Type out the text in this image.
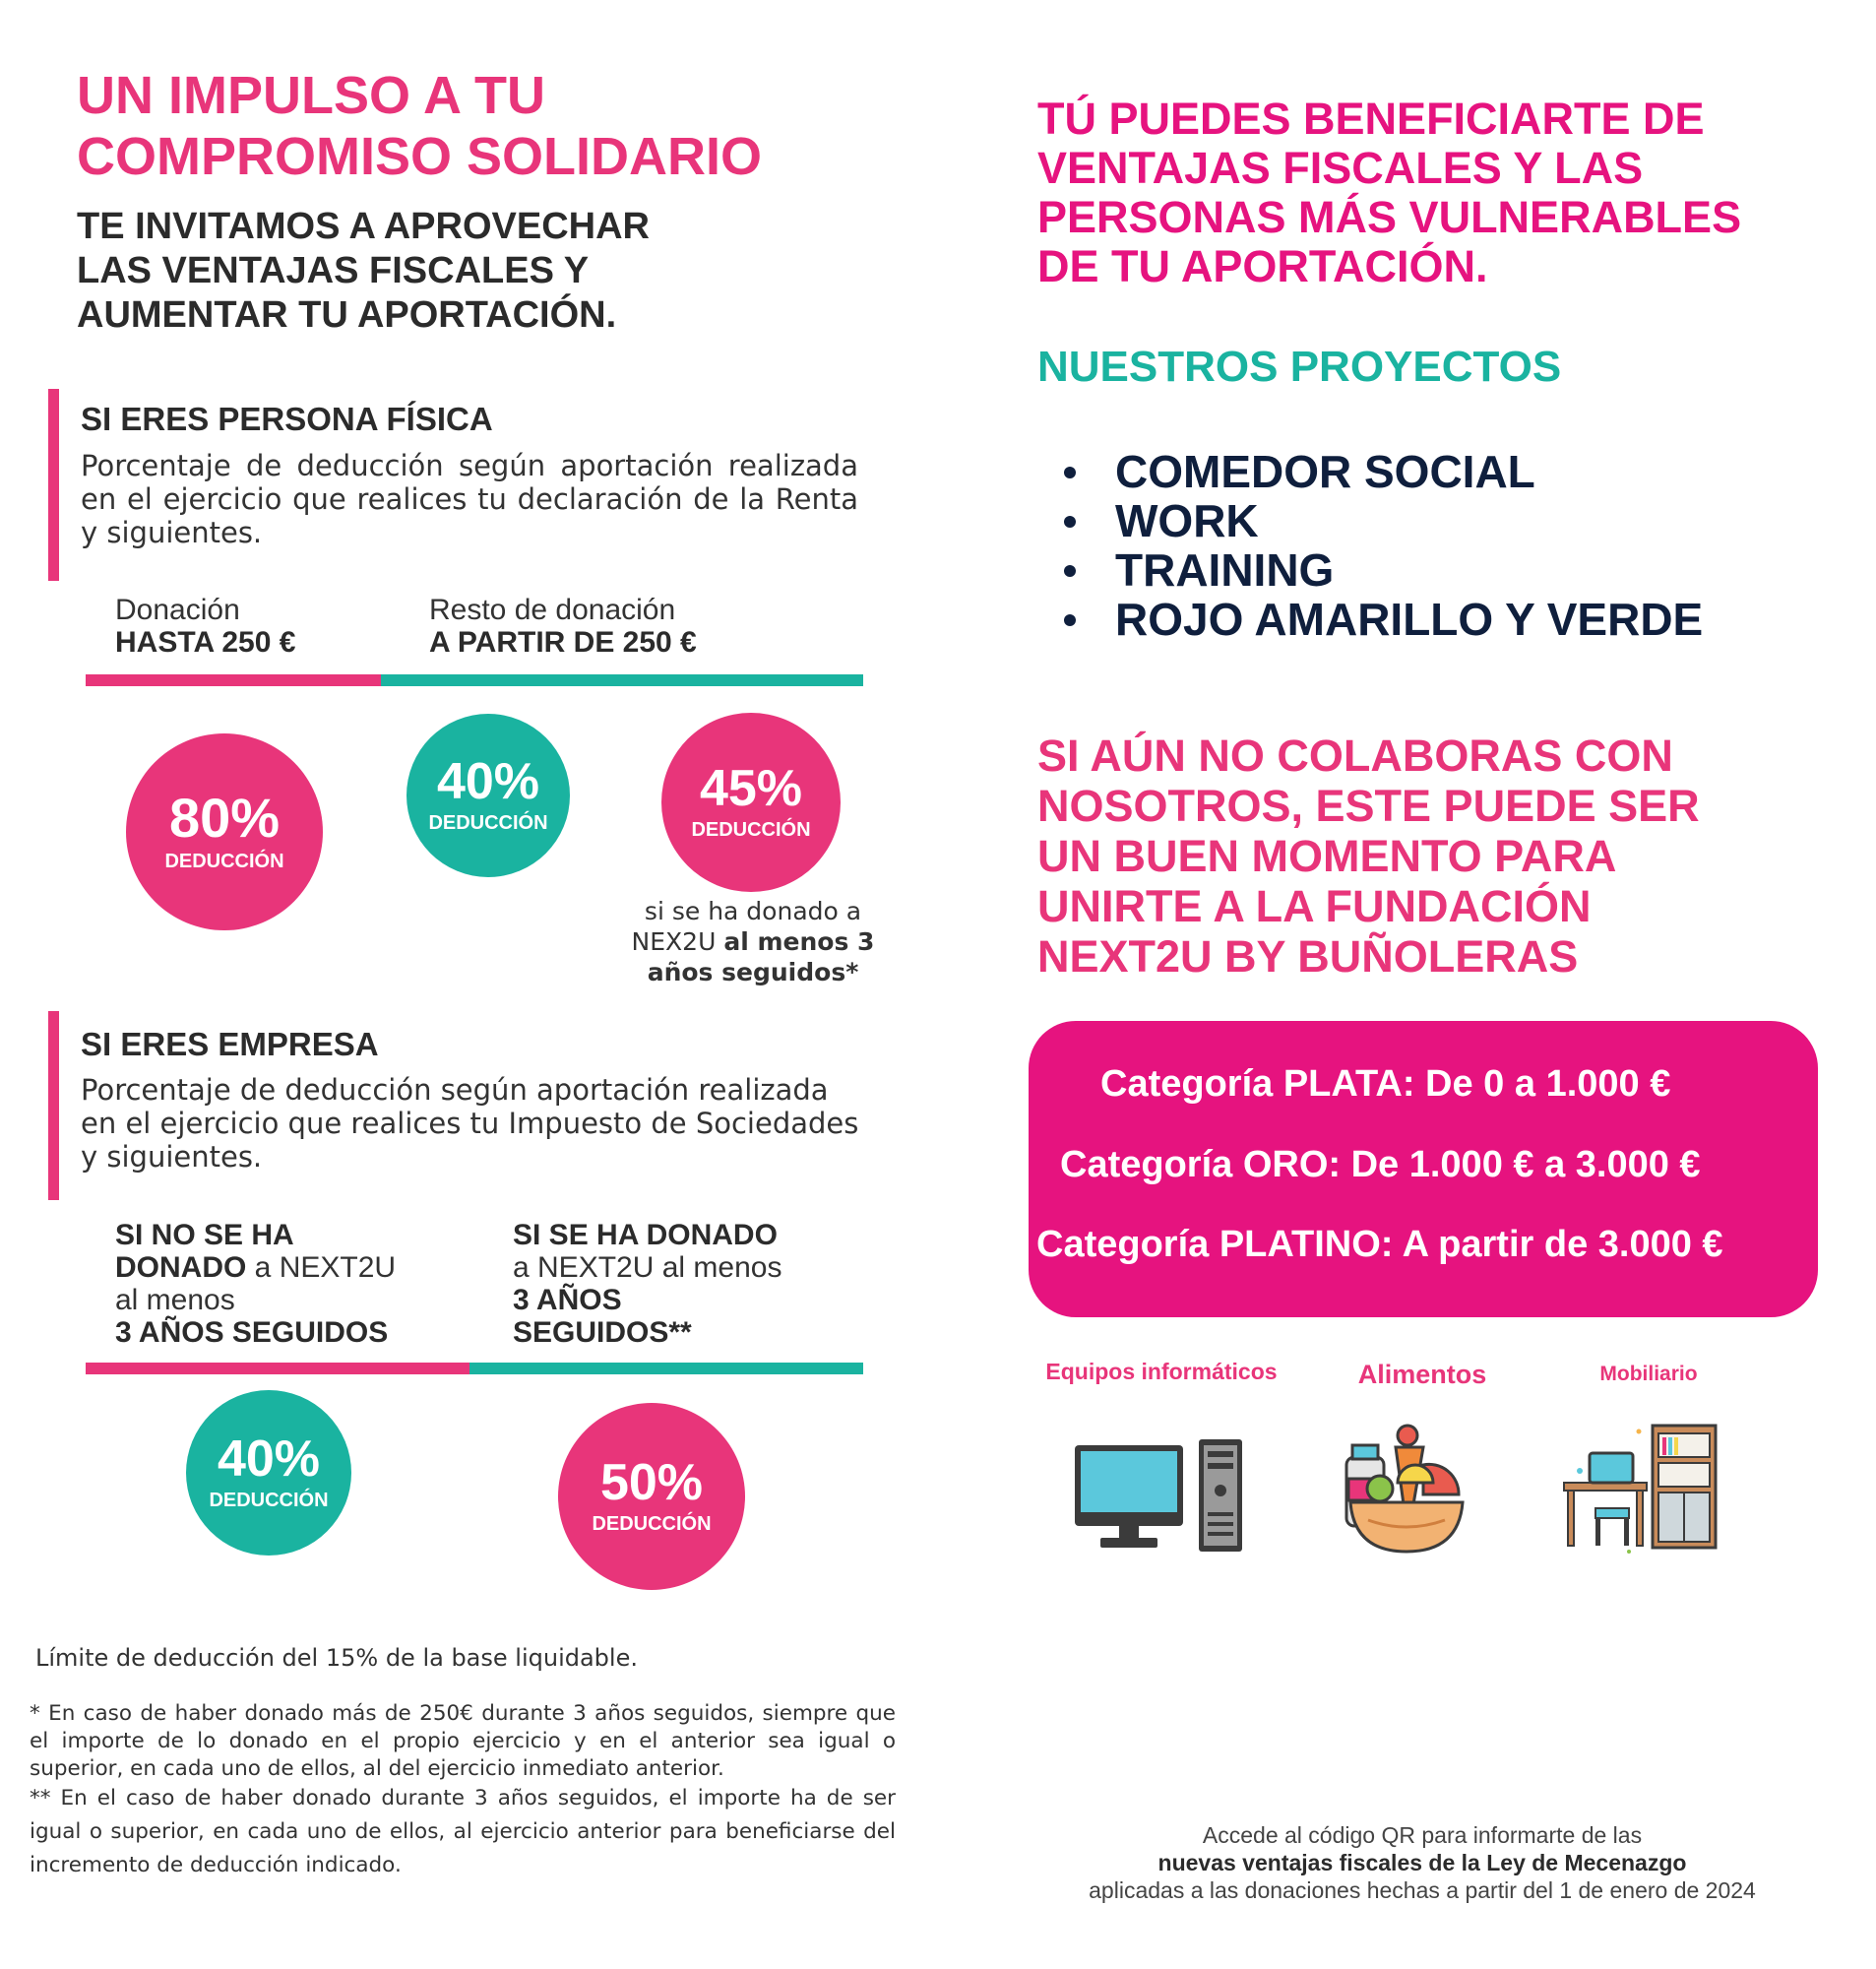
UN IMPULSO A TU
COMPROMISO SOLIDARIO
TE INVITAMOS A APROVECHAR
LAS VENTAJAS FISCALES Y
AUMENTAR TU APORTACIÓN.
SI ERES PERSONA FÍSICA
Porcentaje de deducción según aportación realizada en el ejercicio que realices tu declaración de la Renta y siguientes.
Donación
HASTA 250 €
Resto de donación
A PARTIR DE 250 €
80%
DEDUCCIÓN
40%
DEDUCCIÓN
45%
DEDUCCIÓN
si se ha donado a
NEX2U al menos 3
años seguidos*
SI ERES EMPRESA
Porcentaje de deducción según aportación realizada
en el ejercicio que realices tu Impuesto de Sociedades
y siguientes.
SI NO SE HA
DONADO a NEXT2U
al menos
3 AÑOS SEGUIDOS
SI SE HA DONADO
a NEXT2U al menos
3 AÑOS
SEGUIDOS**
40%
DEDUCCIÓN	50%
DEDUCCIÓN
Límite de deducción del 15% de la base liquidable.
* En caso de haber donado más de 250€ durante 3 años seguidos, siempre que el importe de lo donado en el propio ejercicio y en el anterior sea igual o superior, en cada uno de ellos, al del ejercicio inmediato anterior.
** En el caso de haber donado durante 3 años seguidos, el importe ha de ser igual o superior, en cada uno de ellos, al ejercicio anterior para beneficiarse del incremento de deducción indicado.
TÚ PUEDES BENEFICIARTE DE
VENTAJAS FISCALES Y LAS
PERSONAS MÁS VULNERABLES
DE TU APORTACIÓN.
NUESTROS PROYECTOS
COMEDOR SOCIAL
WORK
TRAINING
ROJO AMARILLO Y VERDE
SI AÚN NO COLABORAS CON
NOSOTROS, ESTE PUEDE SER
UN BUEN MOMENTO PARA
UNIRTE A LA FUNDACIÓN
NEXT2U BY BUÑOLERAS
Categoría PLATA: De 0 a 1.000 €
Categoría ORO: De 1.000 € a 3.000 €
Categoría PLATINO: A partir de 3.000 €
Equipos informáticos	Alimentos	Mobiliario
Accede al código QR para informarte de las
nuevas ventajas fiscales de la Ley de Mecenazgo
aplicadas a las donaciones hechas a partir del 1 de enero de 2024
